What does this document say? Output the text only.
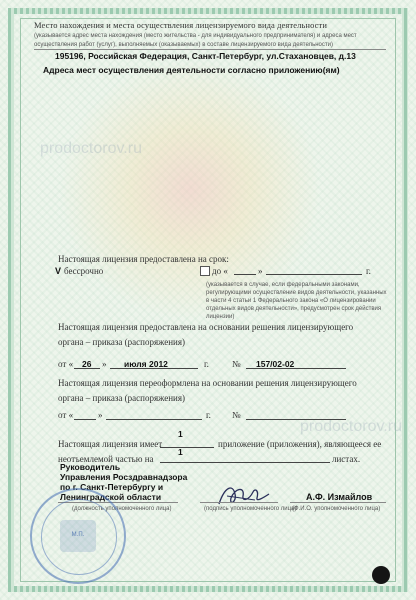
Место нахождения и места осуществления лицензируемого вида деятельности
(указывается адрес места нахождения (место жительства - для индивидуального предпринимателя) и адреса мест
осуществления работ (услуг), выполняемых (оказываемых) в составе лицензируемого вида деятельности)
195196, Российская Федерация, Санкт-Петербург, ул.Стахановцев, д.13
Адреса мест осуществления деятельности согласно приложению(ям)
prodoctorov.ru
prodoctorov.ru
Настоящая лицензия предоставлена на срок:
V бессрочно	до «	»	г.
(указывается в случае, если федеральными законами,
регулирующими осуществление видов деятельности, указанных
в части 4 статьи 1 Федерального закона «О лицензировании
отдельных видов деятельности», предусмотрен срок действия
лицензии)
Настоящая лицензия предоставлена на основании решения лицензирующего
органа – приказа (распоряжения)
от « 26 » июля 2012	г.	№ 157/02-02
Настоящая лицензия переоформлена на основании решения лицензирующего
органа – приказа (распоряжения)
от «	»	г. №
1
Настоящая лицензия имеет	приложение (приложения), являющееся ее
1
неотъемлемой частью на	листах.
Руководитель
Управления Росздравнадзора
по г. Санкт-Петербургу и
Ленинградской области
(должность уполномоченного лица)	(подпись уполномоченного лица)
А.Ф. Измайлов
(Ф.И.О. уполномоченного лица)
М.П.
